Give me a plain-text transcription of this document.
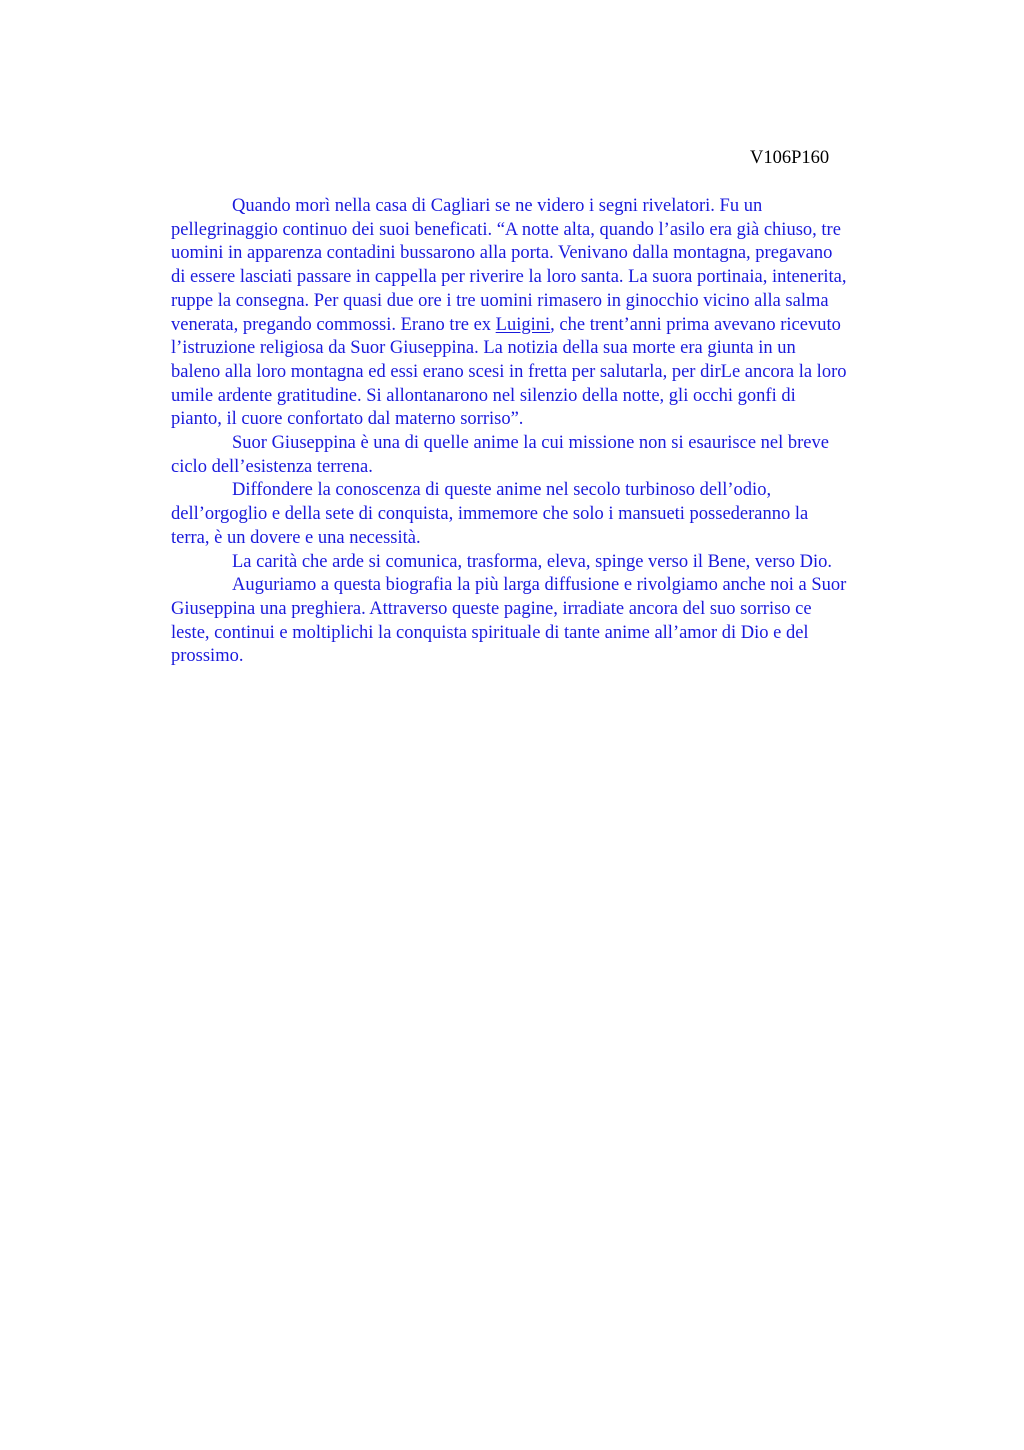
V106P160
Quando morì nella casa di Cagliari se ne videro i segni rivelatori. Fu un
pellegrinaggio continuo dei suoi beneficati. “A notte alta, quando l’asilo era già chiuso, tre
uomini in apparenza contadini bussarono alla porta. Venivano dalla montagna, pregavano
di essere lasciati passare in cappella per riverire la loro santa. La suora portinaia, intenerita,
ruppe la consegna. Per quasi due ore i tre uomini rimasero in ginocchio vicino alla salma
venerata, pregando commossi. Erano tre ex Luigini, che trent’anni prima avevano ricevuto
l’istruzione religiosa da Suor Giuseppina. La notizia della sua morte era giunta in un
baleno alla loro montagna ed essi erano scesi in fretta per salutarla, per dirLe ancora la loro
umile ardente gratitudine. Si allontanarono nel silenzio della notte, gli occhi gonfi di
pianto, il cuore confortato dal materno sorriso”.
Suor Giuseppina è una di quelle anime la cui missione non si esaurisce nel breve
ciclo dell’esistenza terrena.
Diffondere la conoscenza di queste anime nel secolo turbinoso dell’odio,
dell’orgoglio e della sete di conquista, immemore che solo i mansueti possederanno la
terra, è un dovere e una necessità.
La carità che arde si comunica, trasforma, eleva, spinge verso il Bene, verso Dio.
Auguriamo a questa biografia la più larga diffusione e rivolgiamo anche noi a Suor
Giuseppina una preghiera. Attraverso queste pagine, irradiate ancora del suo sorriso ce
leste, continui e moltiplichi la conquista spirituale di tante anime all’amor di Dio e del
prossimo.
